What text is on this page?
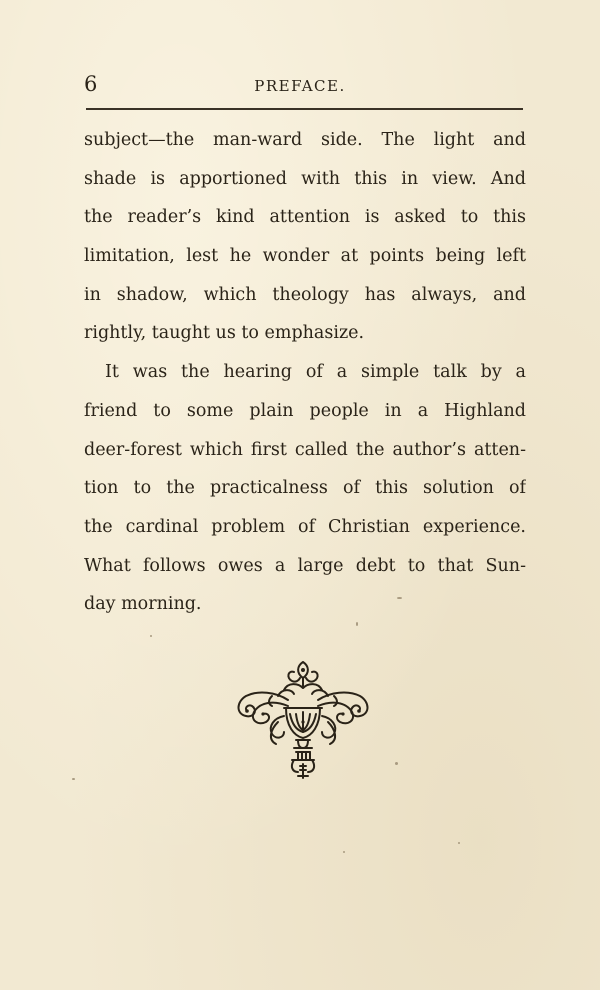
6	PREFACE.
subject—the man-ward side. The light and
shade is apportioned with this in view. And
the reader’s kind attention is asked to this
limitation, lest he wonder at points being left
in shadow, which theology has always, and
rightly, taught us to emphasize.
It was the hearing of a simple talk by a
friend to some plain people in a Highland
deer-forest which first called the author’s atten-
tion to the practicalness of this solution of
the cardinal problem of Christian experience.
What follows owes a large debt to that Sun-
day morning.
